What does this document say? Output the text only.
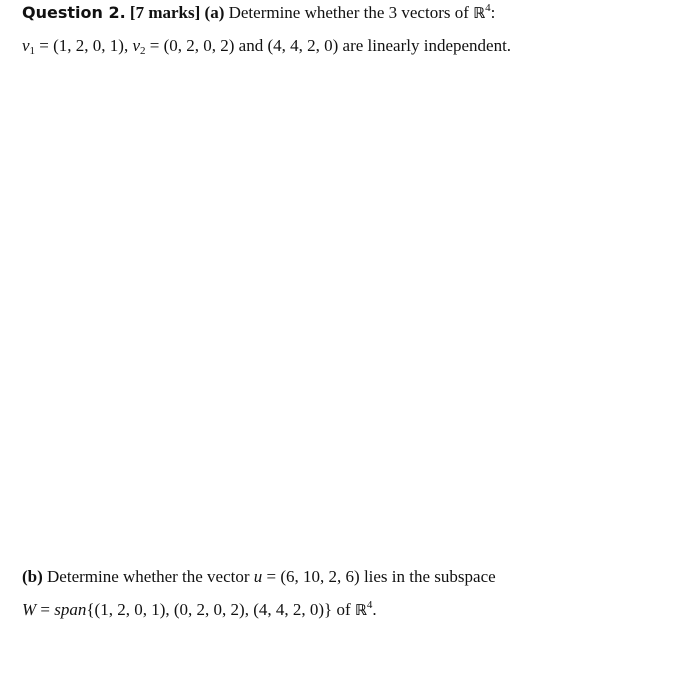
Question 2. [7 marks] (a) Determine whether the 3 vectors of ℝ$^4$:
$v_1 = (1$, 2, 0, 1), $v_2 = (0$, 2, 0, 2) and (4, 4, 2, 0) are linearly independent.
(b) Determine whether the vector u = (6, 10, 2, 6) lies in the subspace
W = span{(1, 2, 0, 1), (0, 2, 0, 2), (4, 4, 2, 0)} of ℝ$^4$.
